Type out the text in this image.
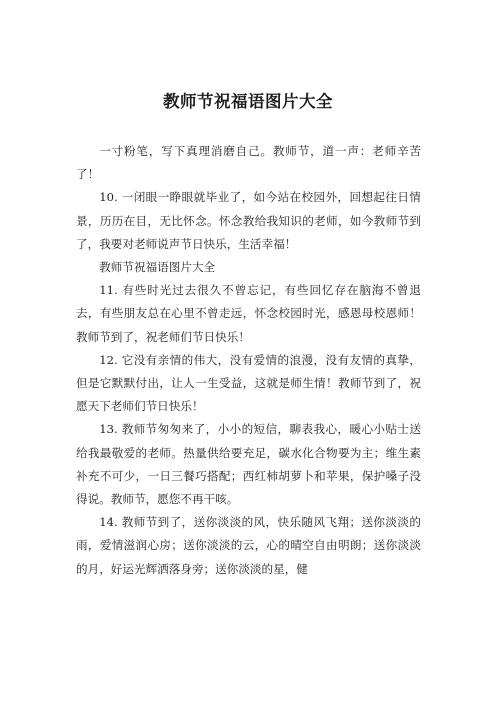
教师节祝福语图片大全

一寸粉笔，写下真理消磨自己。教师节，道一声：老师辛苦了！

10. 一闭眼一睁眼就毕业了，如今站在校园外，回想起往日情景，历历在目，无比怀念。怀念教给我知识的老师，如今教师节到了，我要对老师说声节日快乐，生活幸福！

教师节祝福语图片大全

11. 有些时光过去很久不曾忘记，有些回忆存在脑海不曾退去，有些朋友总在心里不曾走远，怀念校园时光，感恩母校恩师！教师节到了，祝老师们节日快乐！

12. 它没有亲情的伟大，没有爱情的浪漫，没有友情的真挚，但是它默默付出，让人一生受益，这就是师生情！教师节到了，祝愿天下老师们节日快乐！

13. 教师节匆匆来了，小小的短信，聊表我心，暖心小贴士送给我最敬爱的老师。热量供给要充足，碳水化合物要为主；维生素补充不可少，一日三餐巧搭配；西红柿胡萝卜和苹果，保护嗓子没得说。教师节，愿您不再干咳。

14. 教师节到了，送你淡淡的风，快乐随风飞翔；送你淡淡的雨，爱情滋润心房；送你淡淡的云，心的晴空自由明朗；送你淡淡的月，好运光辉洒落身旁；送你淡淡的星，健
